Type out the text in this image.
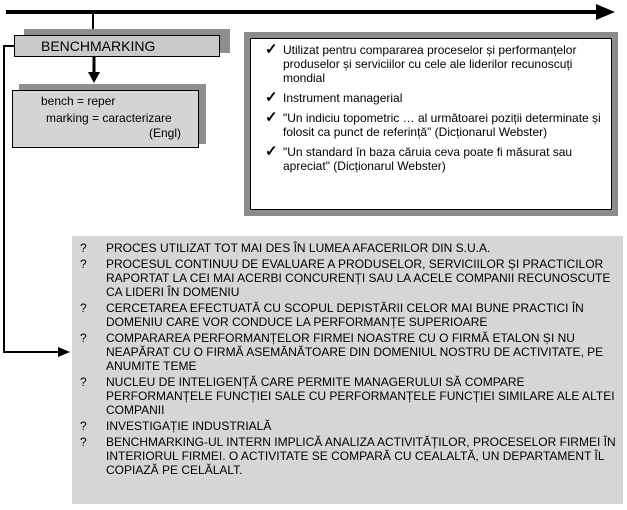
BENCHMARKING
bench = reper
marking = caracterizare
(Engl)
✓ Utilizat pentru compararea proceselor și performanțelor produselor și serviciilor cu cele ale liderilor recunoscuți mondial
✓ Instrument managerial
✓ "Un indiciu topometric … al următoarei poziții determinate și folosit ca punct de referință" (Dicționarul Webster)
✓ "Un standard în baza căruia ceva poate fi măsurat sau apreciat" (Dicționarul Webster)
?	PROCES UTILIZAT TOT MAI DES ÎN LUMEA AFACERILOR DIN S.U.A.
?	PROCESUL CONTINUU DE EVALUARE A PRODUSELOR, SERVICIILOR ȘI PRACTICILOR RAPORTAT LA CEI MAI ACERBI CONCURENȚI SAU LA ACELE COMPANII RECUNOSCUTE CA LIDERI ÎN DOMENIU
?	CERCETAREA EFECTUATĂ CU SCOPUL DEPISTĂRII CELOR MAI BUNE PRACTICI ÎN DOMENIU CARE VOR CONDUCE LA PERFORMANȚE SUPERIOARE
?	COMPARAREA PERFORMANȚELOR FIRMEI NOASTRE CU O FIRMĂ ETALON ȘI NU NEAPĂRAT CU O FIRMĂ ASEMĂNĂTOARE DIN DOMENIUL NOSTRU DE ACTIVITATE, PE ANUMITE TEME
?	NUCLEU DE INTELIGENȚĂ CARE PERMITE MANAGERULUI SĂ COMPARE PERFORMANȚELE FUNCȚIEI SALE CU PERFORMANȚELE FUNCȚIEI SIMILARE ALE ALTEI COMPANII
?	INVESTIGAȚIE INDUSTRIALĂ
?	BENCHMARKING-UL INTERN IMPLICĂ ANALIZA ACTIVITĂȚILOR, PROCESELOR FIRMEI ÎN INTERIORUL FIRMEI. O ACTIVITATE SE COMPARĂ CU CEALALTĂ, UN DEPARTAMENT ÎL COPIAZĂ PE CELĂLALT.
